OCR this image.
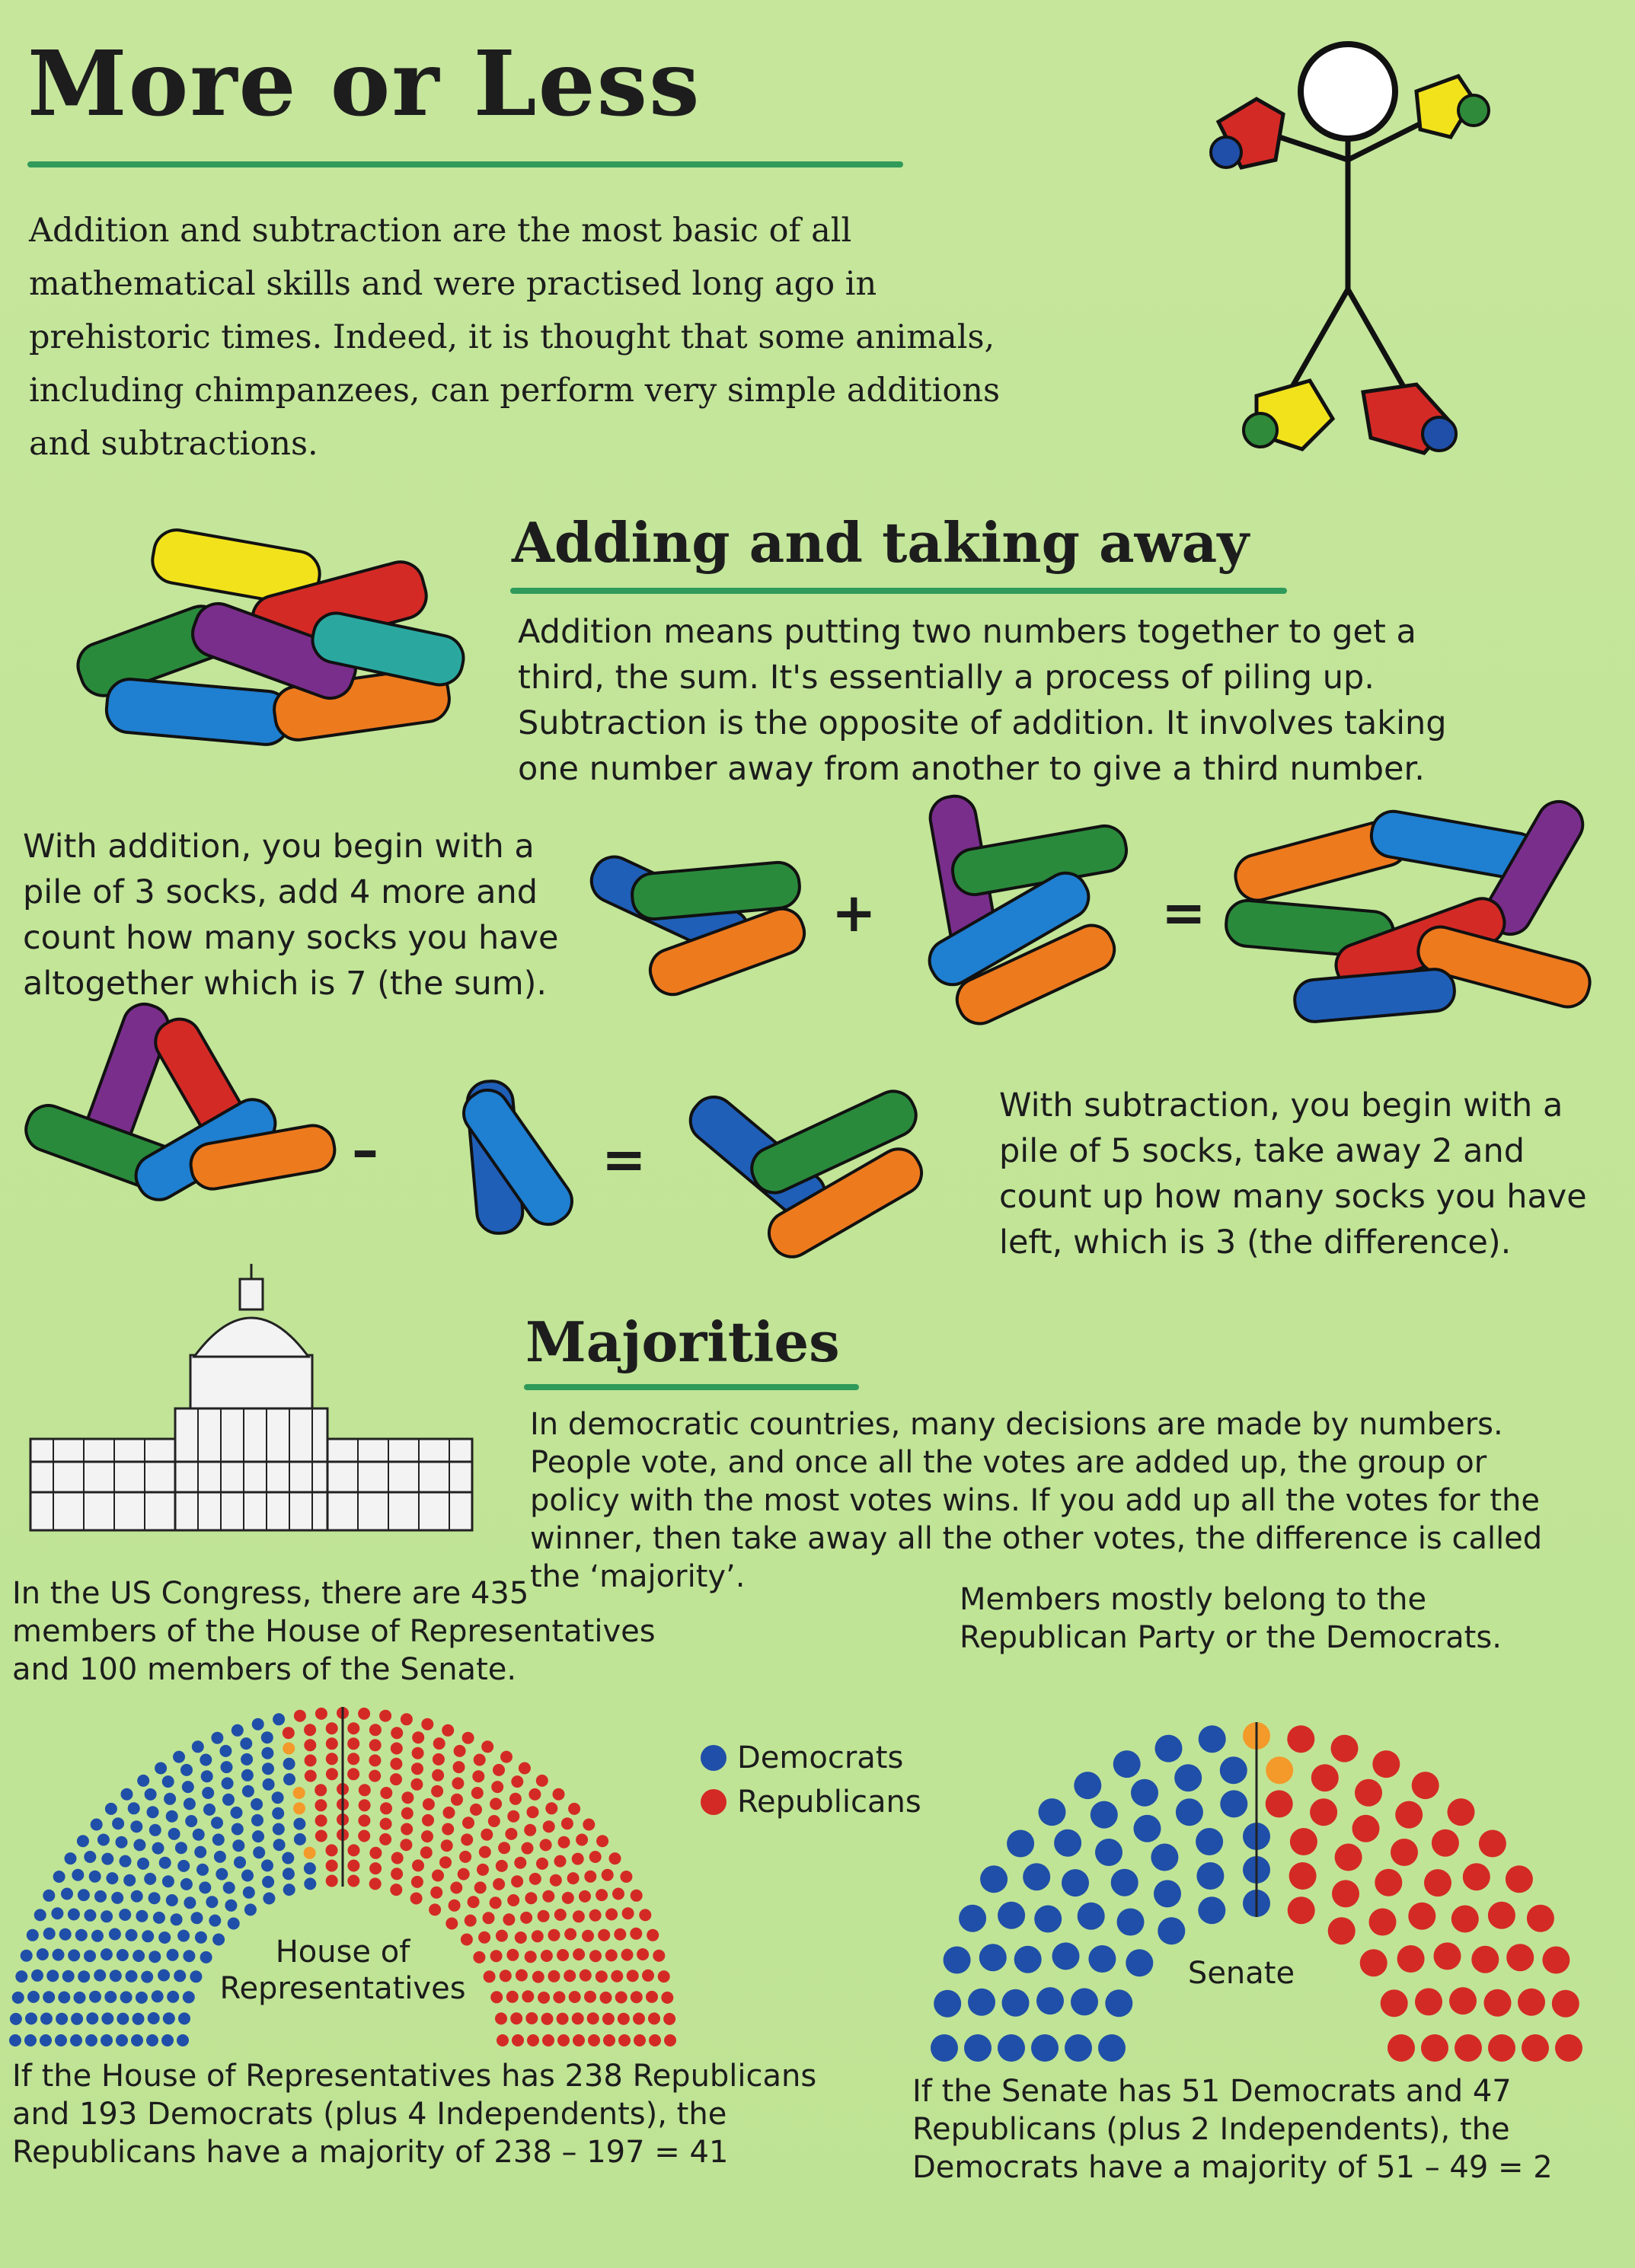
More or Less
Addition and subtraction are the most basic of all mathematical skills and were practised long ago in prehistoric times. Indeed, it is thought that some animals, including chimpanzees, can perform very simple additions and subtractions.
Adding and taking away
Addition means putting two numbers together to get a third, the sum. It's essentially a process of piling up. Subtraction is the opposite of addition. It involves taking one number away from another to give a third number.
With addition, you begin with a pile of 3 socks, add 4 more and count how many socks you have altogether which is 7 (the sum).
+	=
–	=
With subtraction, you begin with a pile of 5 socks, take away 2 and count up how many socks you have left, which is 3 (the difference).
Majorities
In democratic countries, many decisions are made by numbers. People vote, and once all the votes are added up, the group or policy with the most votes wins. If you add up all the votes for the winner, then take away all the other votes, the difference is called the ‘majority’.
In the US Congress, there are 435 members of the House of Representatives and 100 members of the Senate.
Members mostly belong to the Republican Party or the Democrats.
Democrats
Republicans
House of Representatives	Senate
If the House of Representatives has 238 Republicans and 193 Democrats (plus 4 Independents), the Republicans have a majority of 238 – 197 = 41
If the Senate has 51 Democrats and 47 Republicans (plus 2 Independents), the Democrats have a majority of 51 – 49 = 2
